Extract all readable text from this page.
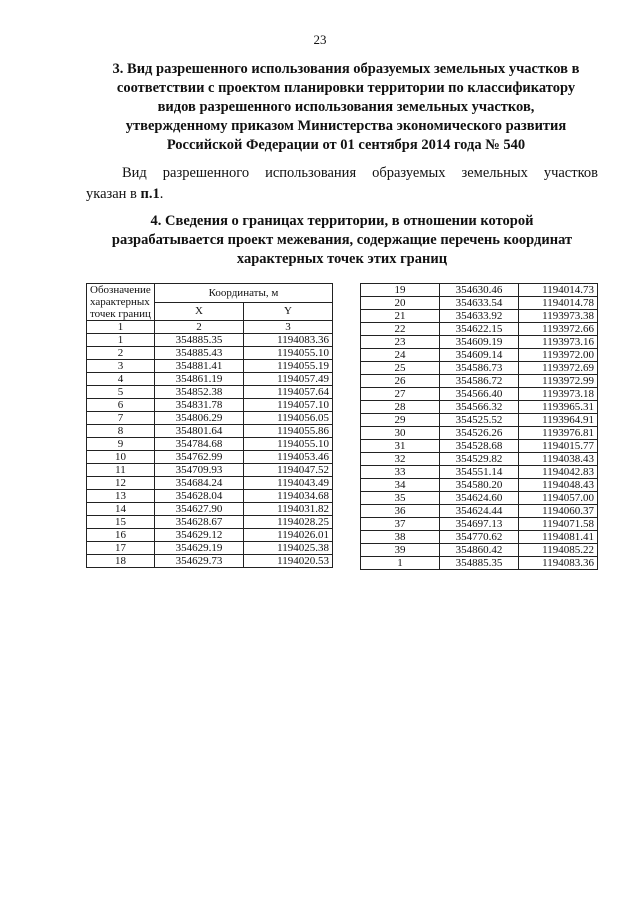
23
3. Вид разрешенного использования образуемых земельных участков в
соответствии с проектом планировки территории по классификатору
видов разрешенного использования земельных участков,
утвержденному приказом Министерства экономического развития
Российской Федерации от 01 сентября 2014 года № 540
Вид разрешенного использования образуемых земельных участков
указан в п.1.
4. Сведения о границах территории, в отношении которой
разрабатывается проект межевания, содержащие перечень координат
характерных точек этих границ
Обозначение
характерных
точек границ	Координаты, м	
	X	Y
1	2	3
1	354885.35	1194083.36
2	354885.43	1194055.10
3	354881.41	1194055.19
4	354861.19	1194057.49
5	354852.38	1194057.64
6	354831.78	1194057.10
7	354806.29	1194056.05
8	354801.64	1194055.86
9	354784.68	1194055.10
10	354762.99	1194053.46
11	354709.93	1194047.52
12	354684.24	1194043.49
13	354628.04	1194034.68
14	354627.90	1194031.82
15	354628.67	1194028.25
16	354629.12	1194026.01
17	354629.19	1194025.38
18	354629.73	1194020.53
19	354630.46	1194014.73
20	354633.54	1194014.78
21	354633.92	1193973.38
22	354622.15	1193972.66
23	354609.19	1193973.16
24	354609.14	1193972.00
25	354586.73	1193972.69
26	354586.72	1193972.99
27	354566.40	1193973.18
28	354566.32	1193965.31
29	354525.52	1193964.91
30	354526.26	1193976.81
31	354528.68	1194015.77
32	354529.82	1194038.43
33	354551.14	1194042.83
34	354580.20	1194048.43
35	354624.60	1194057.00
36	354624.44	1194060.37
37	354697.13	1194071.58
38	354770.62	1194081.41
39	354860.42	1194085.22
1	354885.35	1194083.36
